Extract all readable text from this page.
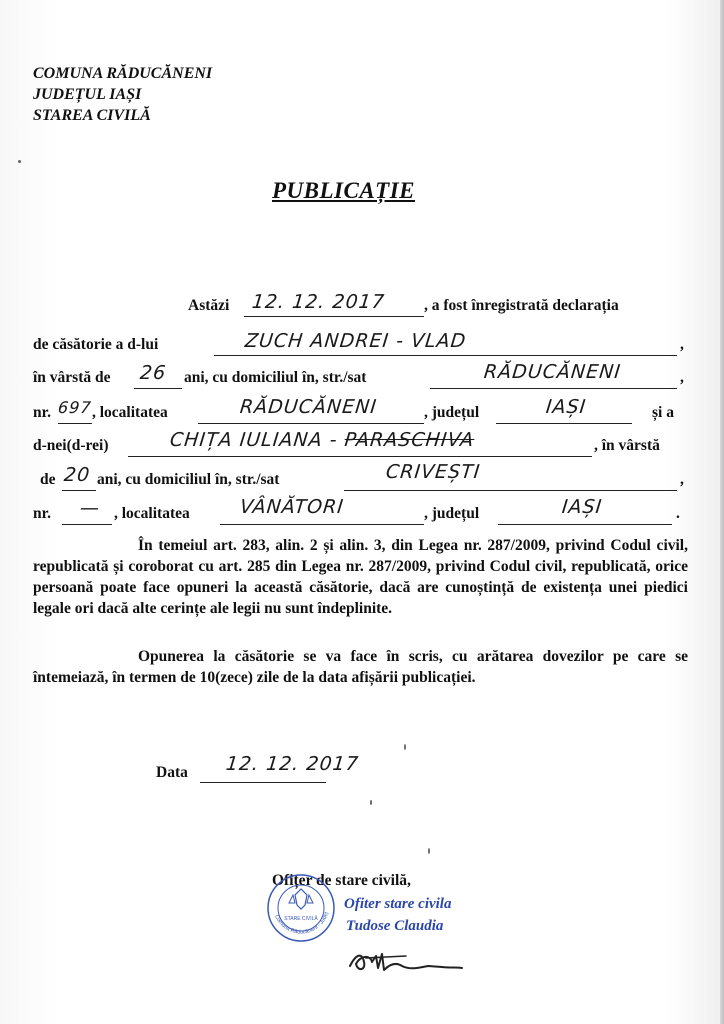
COMUNA RĂDUCĂNENI
JUDEȚUL IAȘI
STAREA CIVILĂ
PUBLICAȚIE
Astăzi 12. 12. 2017 , a fost înregistrată declarația
de căsătorie a d-lui	ZUCH ANDREI - VLAD	,
în vârstă de 26 ani, cu domiciliul în, str./sat	RĂDUCĂNENI	,
nr. 697 , localitatea	RĂDUCĂNENI	, județul	IAȘI	și a
d-nei(d-rei)	CHIȚA IULIANA - PARASCHIVA	, în vârstă
de 20 ani, cu domiciliul în, str./sat	CRIVEȘTI	,
nr. — , localitatea	VÂNĂTORI	, județul	IAȘI	.
În temeiul art. 283, alin. 2 și alin. 3, din Legea nr. 287/2009, privind Codul civil, republicată și coroborat cu art. 285 din Legea nr. 287/2009, privind Codul civil, republicată, orice persoană poate face opuneri la această căsătorie, dacă are cunoștință de existența unei piedici legale ori dacă alte cerințe ale legii nu sunt îndeplinite.
Opunerea la căsătorie se va face în scris, cu arătarea dovezilor pe care se întemeiază, în termen de 10(zece) zile de la data afișării publicației.
Data 12. 12. 2017
Ofițer de stare civilă,
STARE CIVILĂ
Comuna Răducăneni - Județ
Ofiter stare civila
Tudose Claudia
